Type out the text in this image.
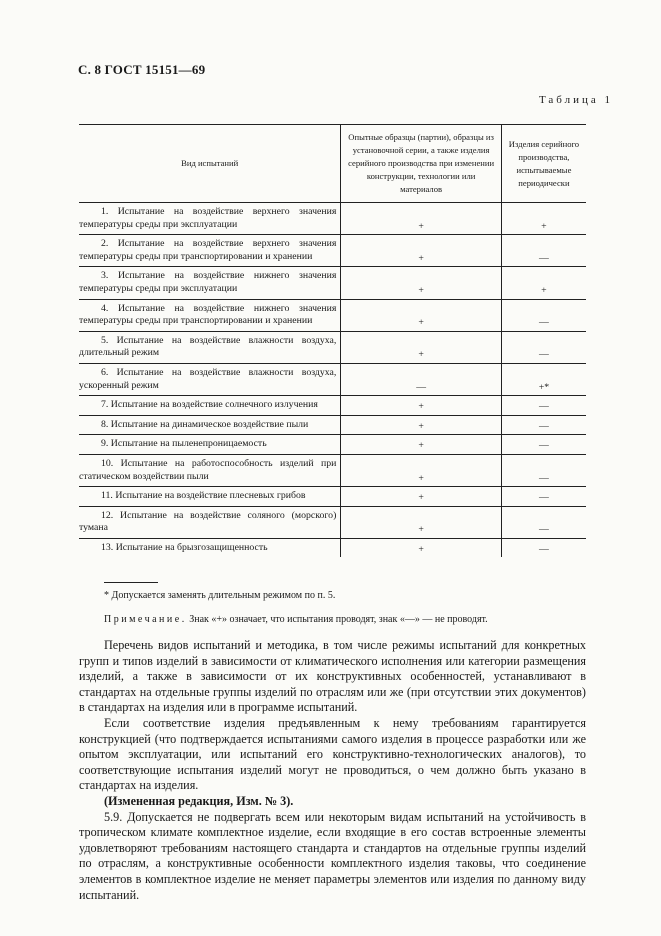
С. 8 ГОСТ 15151—69
Таблица 1
Вид испытаний	Опытные образцы (партии), образцы из установочной серии, а также изделия серийного производства при изменении конструкции, технологии или материалов	Изделия серийного производства, испытываемые периодически
1. Испытание на воздействие верхнего значения температуры среды при эксплуатации	+	+
2. Испытание на воздействие верхнего значения температуры среды при транспортировании и хранении	+	—
3. Испытание на воздействие нижнего значения температуры среды при эксплуатации	+	+
4. Испытание на воздействие нижнего значения температуры среды при транспортировании и хранении	+	—
5. Испытание на воздействие влажности воздуха, длительный режим	+	—
6. Испытание на воздействие влажности воздуха, ускоренный режим	—	+*
7. Испытание на воздействие солнечного излучения	+	—
8. Испытание на динамическое воздействие пыли	+	—
9. Испытание на пыленепроницаемость	+	—
10. Испытание на работоспособность изделий при статическом воздействии пыли	+	—
11. Испытание на воздействие плесневых грибов	+	—
12. Испытание на воздействие соляного (морского) тумана	+	—
13. Испытание на брызгозащищенность	+	—
* Допускается заменять длительным режимом по п. 5.
Примечание. Знак «+» означает, что испытания проводят, знак «—» — не проводят.

Перечень видов испытаний и методика, в том числе режимы испытаний для конкретных групп и типов изделий в зависимости от климатического исполнения или категории размещения изделий, а также в зависимости от их конструктивных особенностей, устанавливают в стандартах на отдельные группы изделий по отраслям или же (при отсутствии этих документов) в стандартах на изделия или в программе испытаний.

Если соответствие изделия предъявленным к нему требованиям гарантируется конструкцией (что подтверждается испытаниями самого изделия в процессе разработки или же опытом эксплуатации, или испытаний его конструктивно-технологических аналогов), то соответствующие испытания изделий могут не проводиться, о чем должно быть указано в стандартах на изделия.

(Измененная редакция, Изм. № 3).

5.9. Допускается не подвергать всем или некоторым видам испытаний на устойчивость в тропическом климате комплектное изделие, если входящие в его состав встроенные элементы удовлетворяют требованиям настоящего стандарта и стандартов на отдельные группы изделий по отраслям, а конструктивные особенности комплектного изделия таковы, что соединение элементов в комплектное изделие не меняет параметры элементов или изделия по данному виду испытаний.
